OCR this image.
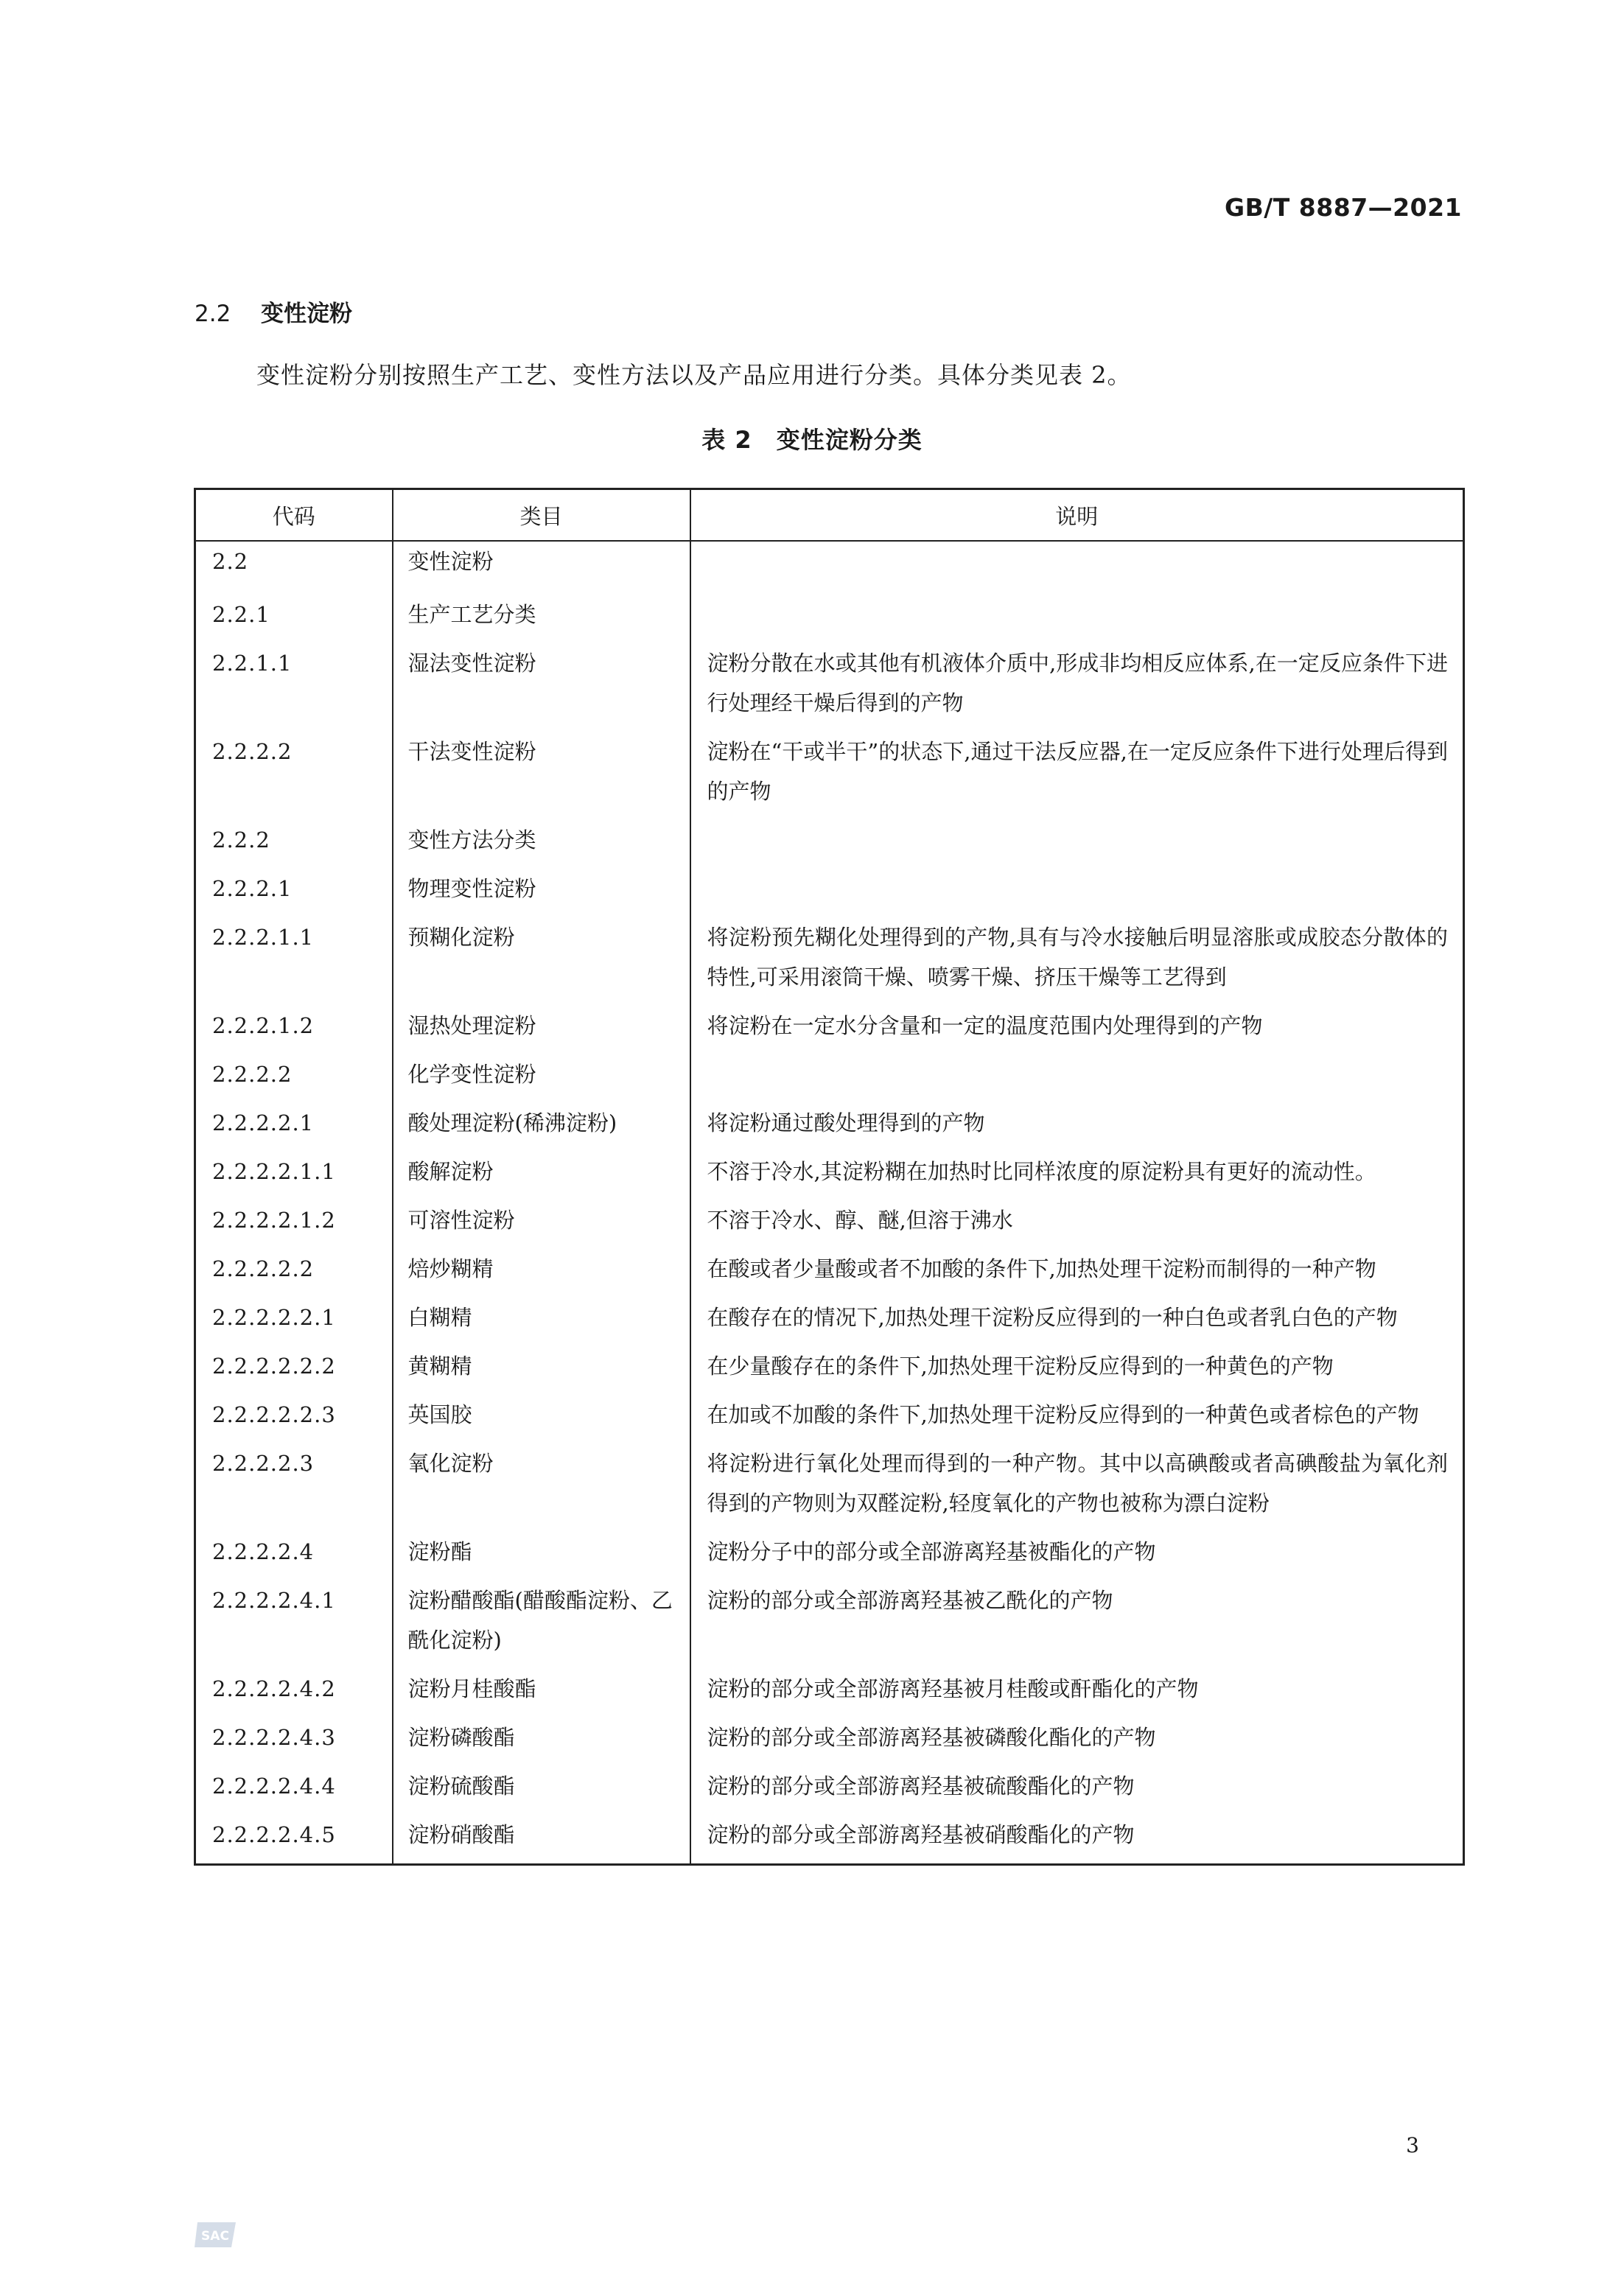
GB/T 8887—2021
2.2 变性淀粉
变性淀粉分别按照生产工艺、变性方法以及产品应用进行分类。具体分类见表 2。
表 2　变性淀粉分类
代码	类目	说明
2.2	变性淀粉	
2.2.1	生产工艺分类	
2.2.1.1	湿法变性淀粉	淀粉分散在水或其他有机液体介质中,形成非均相反应体系,在一定反应条件下进行处理经干燥后得到的产物
2.2.2.2	干法变性淀粉	淀粉在“干或半干”的状态下,通过干法反应器,在一定反应条件下进行处理后得到的产物
2.2.2	变性方法分类	
2.2.2.1	物理变性淀粉	
2.2.2.1.1	预糊化淀粉	将淀粉预先糊化处理得到的产物,具有与冷水接触后明显溶胀或成胶态分散体的特性,可采用滚筒干燥、喷雾干燥、挤压干燥等工艺得到
2.2.2.1.2	湿热处理淀粉	将淀粉在一定水分含量和一定的温度范围内处理得到的产物
2.2.2.2	化学变性淀粉	
2.2.2.2.1	酸处理淀粉(稀沸淀粉)	将淀粉通过酸处理得到的产物
2.2.2.2.1.1	酸解淀粉	不溶于冷水,其淀粉糊在加热时比同样浓度的原淀粉具有更好的流动性。
2.2.2.2.1.2	可溶性淀粉	不溶于冷水、醇、醚,但溶于沸水
2.2.2.2.2	焙炒糊精	在酸或者少量酸或者不加酸的条件下,加热处理干淀粉而制得的一种产物
2.2.2.2.2.1	白糊精	在酸存在的情况下,加热处理干淀粉反应得到的一种白色或者乳白色的产物
2.2.2.2.2.2	黄糊精	在少量酸存在的条件下,加热处理干淀粉反应得到的一种黄色的产物
2.2.2.2.2.3	英国胶	在加或不加酸的条件下,加热处理干淀粉反应得到的一种黄色或者棕色的产物
2.2.2.2.3	氧化淀粉	将淀粉进行氧化处理而得到的一种产物。其中以高碘酸或者高碘酸盐为氧化剂得到的产物则为双醛淀粉,轻度氧化的产物也被称为漂白淀粉
2.2.2.2.4	淀粉酯	淀粉分子中的部分或全部游离羟基被酯化的产物
2.2.2.2.4.1	淀粉醋酸酯(醋酸酯淀粉、乙酰化淀粉)	淀粉的部分或全部游离羟基被乙酰化的产物
2.2.2.2.4.2	淀粉月桂酸酯	淀粉的部分或全部游离羟基被月桂酸或酐酯化的产物
2.2.2.2.4.3	淀粉磷酸酯	淀粉的部分或全部游离羟基被磷酸化酯化的产物
2.2.2.2.4.4	淀粉硫酸酯	淀粉的部分或全部游离羟基被硫酸酯化的产物
2.2.2.2.4.5	淀粉硝酸酯	淀粉的部分或全部游离羟基被硝酸酯化的产物
3
SAC
